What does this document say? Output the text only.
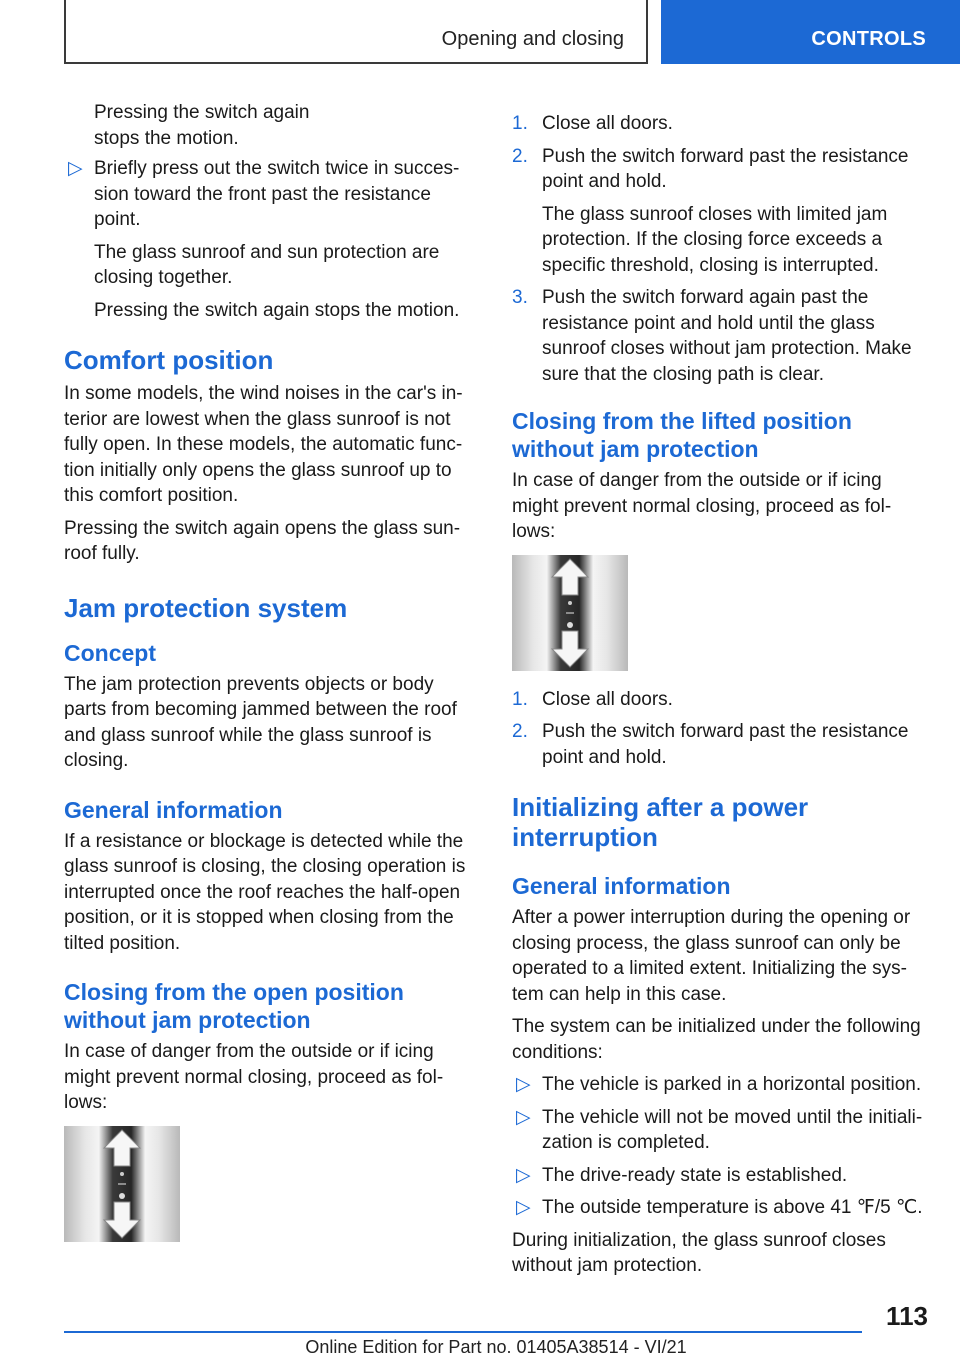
Opening and closing	CONTROLS

Pressing the switch again
stops the motion.

▷ Briefly press out the switch twice in succession toward the front past the resistance point.

The glass sunroof and sun protection are closing together.

Pressing the switch again stops the motion.

Comfort position

In some models, the wind noises in the car's interior are lowest when the glass sunroof is not fully open. In these models, the automatic function initially only opens the glass sunroof up to this comfort position.

Pressing the switch again opens the glass sunroof fully.

Jam protection system
Concept

The jam protection prevents objects or body parts from becoming jammed between the roof and glass sunroof while the glass sunroof is closing.

General information

If a resistance or blockage is detected while the glass sunroof is closing, the closing operation is interrupted once the roof reaches the half-open position, or it is stopped when closing from the tilted position.

Closing from the open position without jam protection

In case of danger from the outside or if icing might prevent normal closing, proceed as follows:

1. Close all doors.
2. Push the switch forward past the resistance point and hold.

The glass sunroof closes with limited jam protection. If the closing force exceeds a specific threshold, closing is interrupted.

3. Push the switch forward again past the resistance point and hold until the glass sunroof closes without jam protection. Make sure that the closing path is clear.
Closing from the lifted position without jam protection

In case of danger from the outside or if icing might prevent normal closing, proceed as follows:

1. Close all doors.
2. Push the switch forward past the resistance point and hold.
Initializing after a power interruption
General information

After a power interruption during the opening or closing process, the glass sunroof can only be operated to a limited extent. Initializing the system can help in this case.

The system can be initialized under the following conditions:

▷ The vehicle is parked in a horizontal position.
▷ The vehicle will not be moved until the initialization is completed.
▷ The drive-ready state is established.
▷ The outside temperature is above 41 ℉/5 ℃.

During initialization, the glass sunroof closes without jam protection.

113
Online Edition for Part no. 01405A38514 - VI/21
